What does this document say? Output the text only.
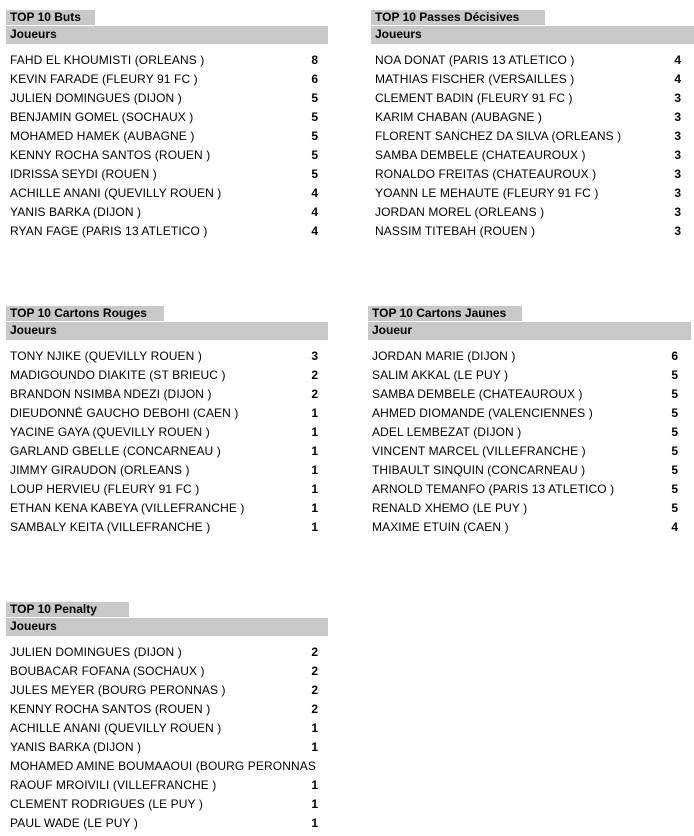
TOP 10 Buts
Joueurs
FAHD EL KHOUMISTI (ORLEANS )	8
KEVIN FARADE (FLEURY 91 FC )	6
JULIEN DOMINGUES (DIJON )	5
BENJAMIN GOMEL (SOCHAUX )	5
MOHAMED HAMEK (AUBAGNE )	5
KENNY ROCHA SANTOS (ROUEN )	5
IDRISSA SEYDI (ROUEN )	5
ACHILLE ANANI (QUEVILLY ROUEN )	4
YANIS BARKA (DIJON )	4
RYAN FAGE (PARIS 13 ATLETICO )	4
TOP 10 Passes Décisives
Joueurs
NOA DONAT (PARIS 13 ATLETICO )	4
MATHIAS FISCHER (VERSAILLES )	4
CLEMENT BADIN (FLEURY 91 FC )	3
KARIM CHABAN (AUBAGNE )	3
FLORENT SANCHEZ DA SILVA (ORLEANS )	3
SAMBA DEMBELE (CHATEAUROUX )	3
RONALDO FREITAS (CHATEAUROUX )	3
YOANN LE MEHAUTE (FLEURY 91 FC )	3
JORDAN MOREL (ORLEANS )	3
NASSIM TITEBAH (ROUEN )	3
TOP 10 Cartons Rouges
Joueurs
TONY NJIKE (QUEVILLY ROUEN )	3
MADIGOUNDO DIAKITE (ST BRIEUC )	2
BRANDON NSIMBA NDEZI (DIJON )	2
DIEUDONNÉ GAUCHO DEBOHI (CAEN )	1
YACINE GAYA (QUEVILLY ROUEN )	1
GARLAND GBELLE (CONCARNEAU )	1
JIMMY GIRAUDON (ORLEANS )	1
LOUP HERVIEU (FLEURY 91 FC )	1
ETHAN KENA KABEYA (VILLEFRANCHE )	1
SAMBALY KEITA (VILLEFRANCHE )	1
TOP 10 Cartons Jaunes
Joueur
JORDAN MARIE (DIJON )	6
SALIM AKKAL (LE PUY )	5
SAMBA DEMBELE (CHATEAUROUX )	5
AHMED DIOMANDE (VALENCIENNES )	5
ADEL LEMBEZAT (DIJON )	5
VINCENT MARCEL (VILLEFRANCHE )	5
THIBAULT SINQUIN (CONCARNEAU )	5
ARNOLD TEMANFO (PARIS 13 ATLETICO )	5
RENALD XHEMO (LE PUY )	5
MAXIME ETUIN (CAEN )	4
TOP 10 Penalty
Joueurs
JULIEN DOMINGUES (DIJON )	2
BOUBACAR FOFANA (SOCHAUX )	2
JULES MEYER (BOURG PERONNAS )	2
KENNY ROCHA SANTOS (ROUEN )	2
ACHILLE ANANI (QUEVILLY ROUEN )	1
YANIS BARKA (DIJON )	1
MOHAMED AMINE BOUMAAOUI (BOURG PERONNAS
RAOUF MROIVILI (VILLEFRANCHE )	1
CLEMENT RODRIGUES (LE PUY )	1
PAUL WADE (LE PUY )	1
